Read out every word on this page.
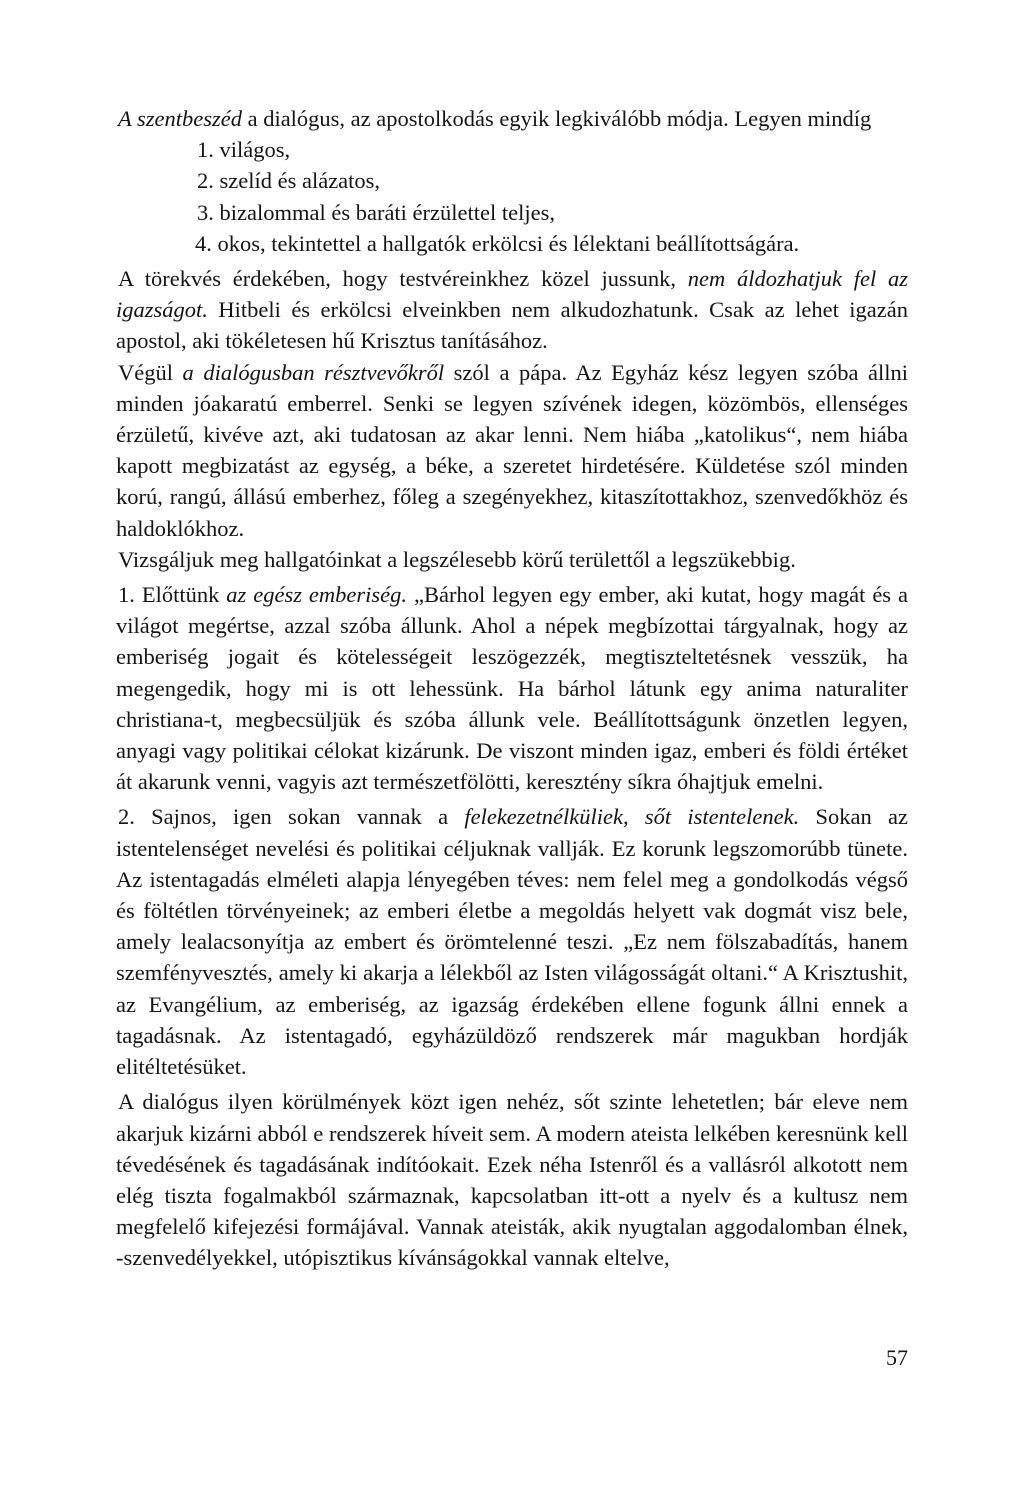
A szentbeszéd a dialógus, az apostolkodás egyik legkiválóbb módja. Legyen mindíg

1. világos,

2. szelíd és alázatos,

3. bizalommal és baráti érzülettel teljes,

4. okos, tekintettel a hallgatók erkölcsi és lélektani beállítottságára.

A törekvés érdekében, hogy testvéreinkhez közel jussunk, nem áldozhatjuk fel az igazságot. Hitbeli és erkölcsi elveinkben nem alkudozhatunk. Csak az lehet igazán apostol, aki tökéletesen hű Krisztus tanításához.

Végül a dialógusban résztvevőkről szól a pápa. Az Egyház kész legyen szóba állni minden jóakaratú emberrel. Senki se legyen szívének idegen, közömbös, ellenséges érzületű, kivéve azt, aki tudatosan az akar lenni. Nem hiába „katolikus“, nem hiába kapott megbizatást az egység, a béke, a szeretet hirdetésére. Küldetése szól minden korú, rangú, állású emberhez, főleg a szegényekhez, kitaszítottakhoz, szenvedőkhöz és haldoklókhoz.

Vizsgáljuk meg hallgatóinkat a legszélesebb körű területtől a legszükebbig.

1. Előttünk az egész emberiség. „Bárhol legyen egy ember, aki kutat, hogy magát és a világot megértse, azzal szóba állunk. Ahol a népek megbízottai tárgyalnak, hogy az emberiség jogait és kötelességeit leszögezzék, megtiszteltetésnek vesszük, ha megengedik, hogy mi is ott lehessünk. Ha bárhol látunk egy anima naturaliter christiana-t, megbecsüljük és szóba állunk vele. Beállítottságunk önzetlen legyen, anyagi vagy politikai célokat kizárunk. De viszont minden igaz, emberi és földi értéket át akarunk venni, vagyis azt természetfölötti, keresztény síkra óhajtjuk emelni.

2. Sajnos, igen sokan vannak a felekezetnélküliek, sőt istentelenek. Sokan az istentelenséget nevelési és politikai céljuknak vallják. Ez korunk legszomorúbb tünete. Az istentagadás elméleti alapja lényegében téves: nem felel meg a gondolkodás végső és föltétlen törvényeinek; az emberi életbe a megoldás helyett vak dogmát visz bele, amely lealacsonyítja az embert és örömtelenné teszi. „Ez nem fölszabadítás, hanem szemfényvesztés, amely ki akarja a lélekből az Isten világosságát oltani.“ A Krisztushit, az Evangélium, az emberiség, az igazság érdekében ellene fogunk állni ennek a tagadásnak. Az istentagadó, egyházüldöző rendszerek már magukban hordják elitéltetésüket.

A dialógus ilyen körülmények közt igen nehéz, sőt szinte lehetetlen; bár eleve nem akarjuk kizárni abból e rendszerek híveit sem. A modern ateista lelkében keresnünk kell tévedésének és tagadásának indítóokait. Ezek néha Istenről és a vallásról alkotott nem elég tiszta fogalmakból származnak, kapcsolatban itt-ott a nyelv és a kultusz nem megfelelő kifejezési formájával. Vannak ateisták, akik nyugtalan aggodalomban élnek, -szenvedélyekkel, utópisztikus kívánságokkal vannak eltelve,

57
